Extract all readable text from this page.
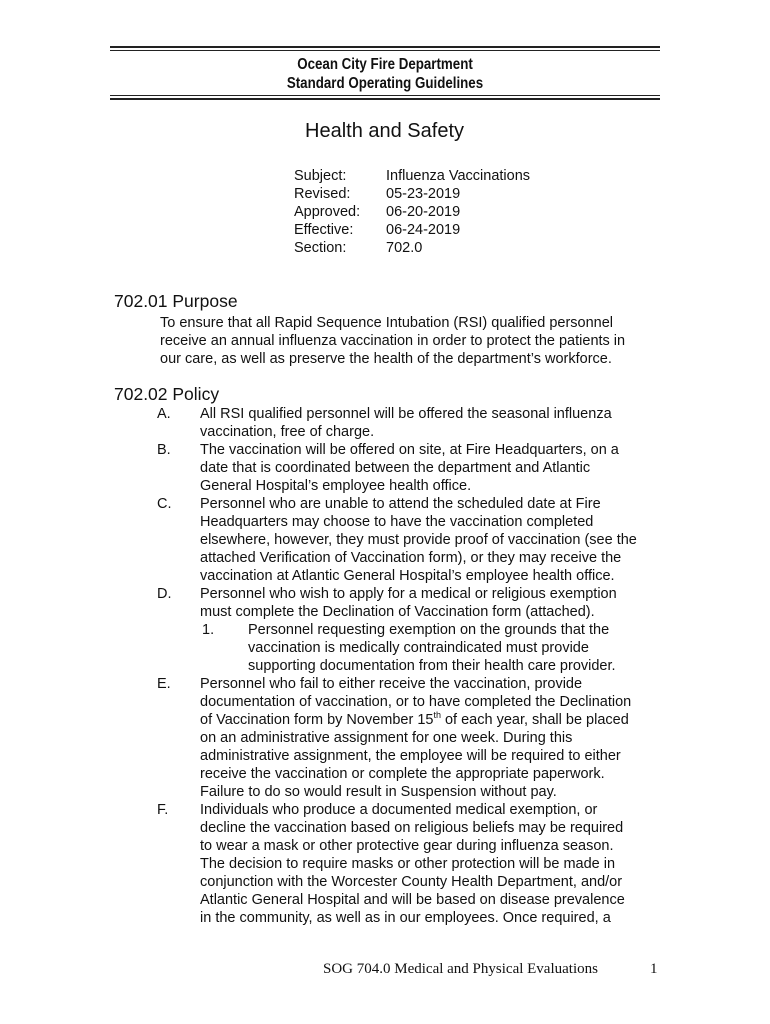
Ocean City Fire Department
Standard Operating Guidelines
Health and Safety
Subject:	Influenza Vaccinations
Revised:	05-23-2019
Approved:	06-20-2019
Effective:	06-24-2019
Section:	702.0
702.01 Purpose
To ensure that all Rapid Sequence Intubation (RSI) qualified personnel
receive an annual influenza vaccination in order to protect the patients in
our care, as well as preserve the health of the department’s workforce.
702.02 Policy
A.	All RSI qualified personnel will be offered the seasonal influenza
vaccination, free of charge.
B.	The vaccination will be offered on site, at Fire Headquarters, on a
date that is coordinated between the department and Atlantic
General Hospital’s employee health office.
C.	Personnel who are unable to attend the scheduled date at Fire
Headquarters may choose to have the vaccination completed
elsewhere, however, they must provide proof of vaccination (see the
attached Verification of Vaccination form), or they may receive the
vaccination at Atlantic General Hospital’s employee health office.
D.	Personnel who wish to apply for a medical or religious exemption
must complete the Declination of Vaccination form (attached).
1.	Personnel requesting exemption on the grounds that the
vaccination is medically contraindicated must provide
supporting documentation from their health care provider.
E.	Personnel who fail to either receive the vaccination, provide
documentation of vaccination, or to have completed the Declination
of Vaccination form by November 15th of each year, shall be placed
on an administrative assignment for one week. During this
administrative assignment, the employee will be required to either
receive the vaccination or complete the appropriate paperwork.
Failure to do so would result in Suspension without pay.
F.	Individuals who produce a documented medical exemption, or
decline the vaccination based on religious beliefs may be required
to wear a mask or other protective gear during influenza season.
The decision to require masks or other protection will be made in
conjunction with the Worcester County Health Department, and/or
Atlantic General Hospital and will be based on disease prevalence
in the community, as well as in our employees. Once required, a
SOG 704.0 Medical and Physical Evaluations	1
